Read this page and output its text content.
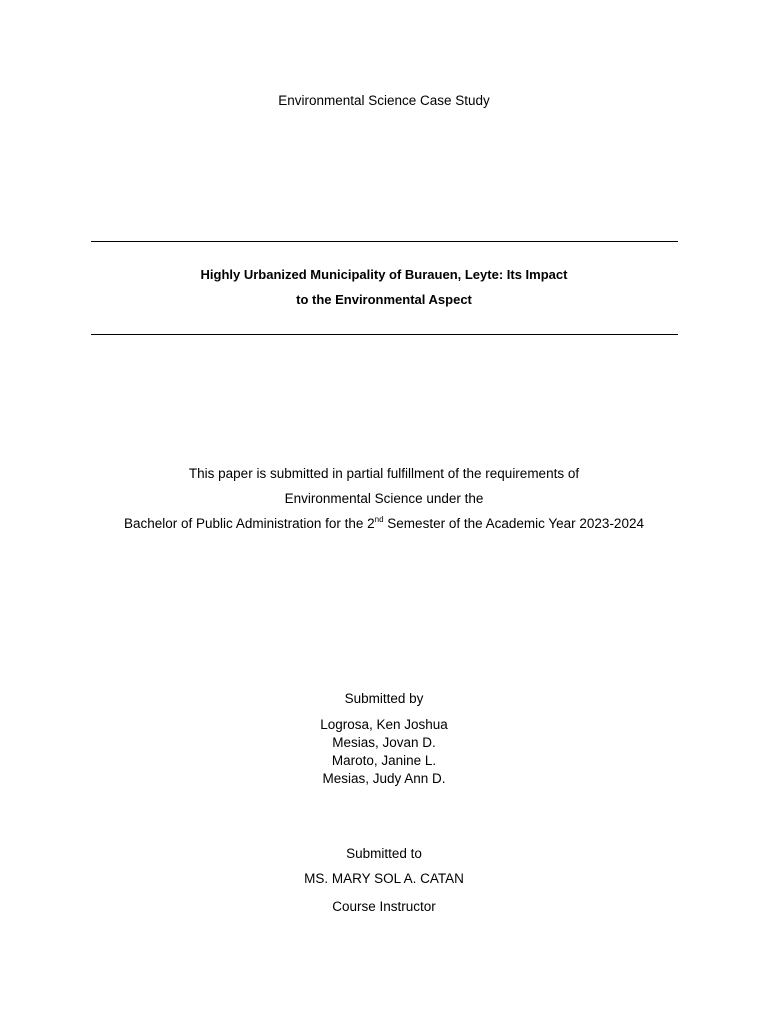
Environmental Science Case Study
Highly Urbanized Municipality of Burauen, Leyte: Its Impact
to the Environmental Aspect
This paper is submitted in partial fulfillment of the requirements of
Environmental Science under the
Bachelor of Public Administration for the 2nd Semester of the Academic Year 2023-2024
Submitted by
Logrosa, Ken Joshua
Mesias, Jovan D.
Maroto, Janine L.
Mesias, Judy Ann D.
Submitted to
MS. MARY SOL A. CATAN
Course Instructor
